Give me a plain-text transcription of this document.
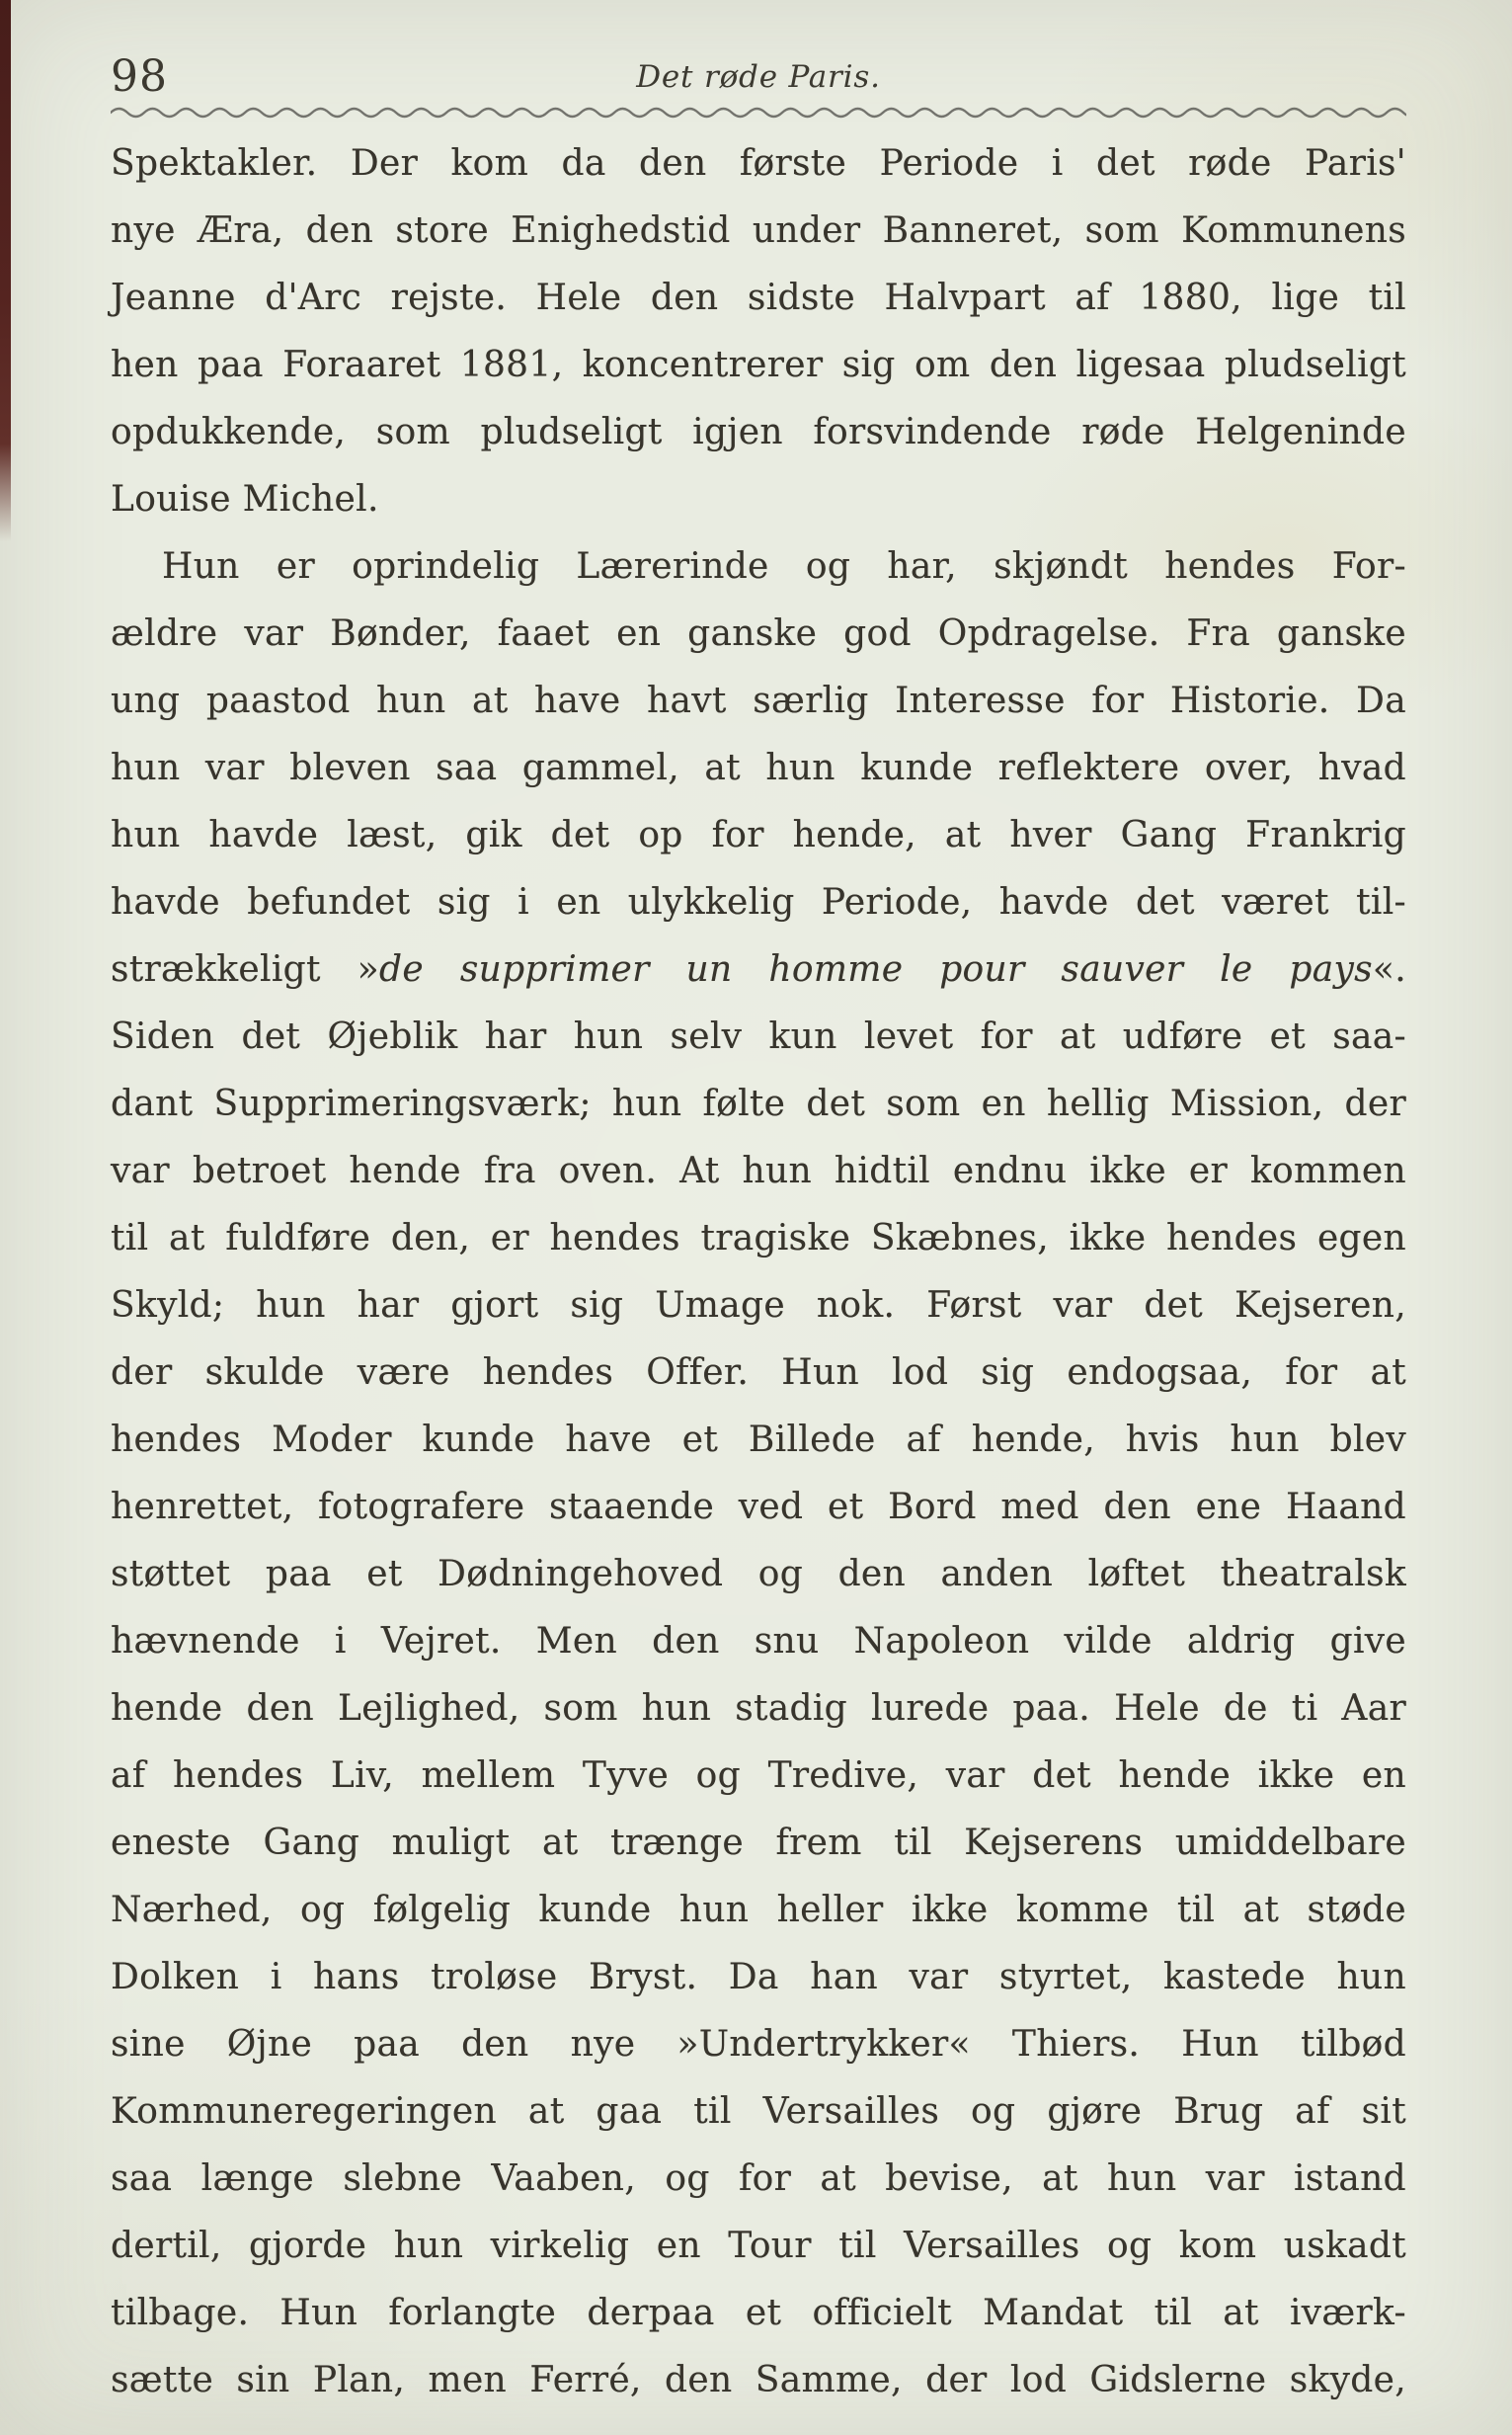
98	Det røde Paris.
Spektakler. Der kom da den første Periode i det røde Paris'
nye Æra, den store Enighedstid under Banneret, som Kommunens
Jeanne d'Arc rejste. Hele den sidste Halvpart af 1880, lige til
hen paa Foraaret 1881, koncentrerer sig om den ligesaa pludseligt
opdukkende, som pludseligt igjen forsvindende røde Helgeninde
Louise Michel.
Hun er oprindelig Lærerinde og har, skjøndt hendes For-
ældre var Bønder, faaet en ganske god Opdragelse. Fra ganske
ung paastod hun at have havt særlig Interesse for Historie. Da
hun var bleven saa gammel, at hun kunde reflektere over, hvad
hun havde læst, gik det op for hende, at hver Gang Frankrig
havde befundet sig i en ulykkelig Periode, havde det været til-
strækkeligt »de supprimer un homme pour sauver le pays«.
Siden det Øjeblik har hun selv kun levet for at udføre et saa-
dant Supprimeringsværk; hun følte det som en hellig Mission, der
var betroet hende fra oven. At hun hidtil endnu ikke er kommen
til at fuldføre den, er hendes tragiske Skæbnes, ikke hendes egen
Skyld; hun har gjort sig Umage nok. Først var det Kejseren,
der skulde være hendes Offer. Hun lod sig endogsaa, for at
hendes Moder kunde have et Billede af hende, hvis hun blev
henrettet, fotografere staaende ved et Bord med den ene Haand
støttet paa et Dødningehoved og den anden løftet theatralsk
hævnende i Vejret. Men den snu Napoleon vilde aldrig give
hende den Lejlighed, som hun stadig lurede paa. Hele de ti Aar
af hendes Liv, mellem Tyve og Tredive, var det hende ikke en
eneste Gang muligt at trænge frem til Kejserens umiddelbare
Nærhed, og følgelig kunde hun heller ikke komme til at støde
Dolken i hans troløse Bryst. Da han var styrtet, kastede hun
sine Øjne paa den nye »Undertrykker« Thiers. Hun tilbød
Kommuneregeringen at gaa til Versailles og gjøre Brug af sit
saa længe slebne Vaaben, og for at bevise, at hun var istand
dertil, gjorde hun virkelig en Tour til Versailles og kom uskadt
tilbage. Hun forlangte derpaa et officielt Mandat til at iværk-
sætte sin Plan, men Ferré, den Samme, der lod Gidslerne skyde,
